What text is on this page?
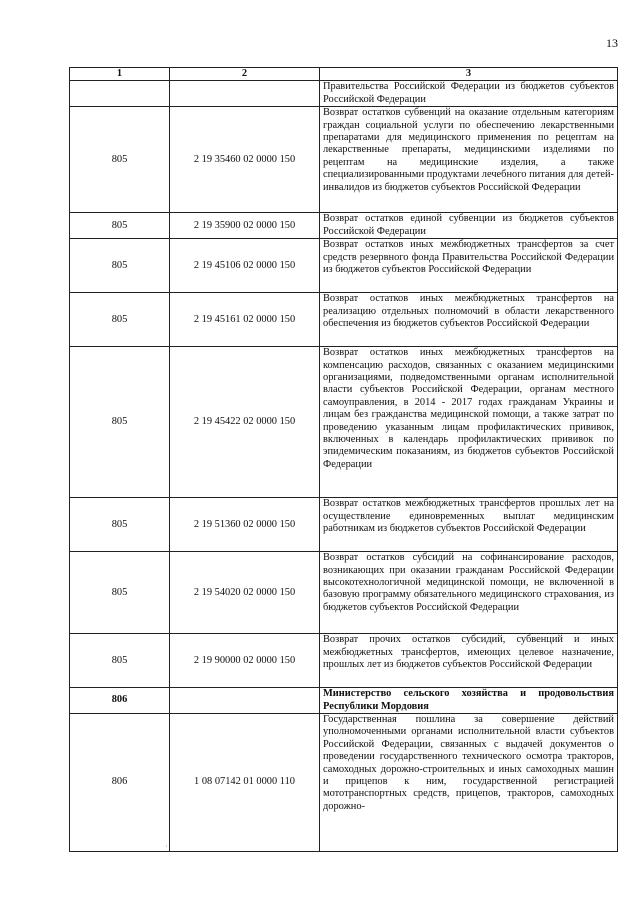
13
1	2	3
		Правительства Российской Федерации из бюджетов субъектов Российской Федерации
805	2 19 35460 02 0000 150	Возврат остатков субвенций на оказание отдельным категориям граждан социальной услуги по обеспечению лекарственными препаратами для медицинского применения по рецептам на лекарственные препараты, медицинскими изделиями по рецептам на медицинские изделия, а также специализированными продуктами лечебного питания для детей-инвалидов из бюджетов субъектов Российской Федерации
805	2 19 35900 02 0000 150	Возврат остатков единой субвенции из бюджетов субъектов Российской Федерации
805	2 19 45106 02 0000 150	Возврат остатков иных межбюджетных трансфертов за счет средств резервного фонда Правительства Российской Федерации из бюджетов субъектов Российской Федерации
805	2 19 45161 02 0000 150	Возврат остатков иных межбюджетных трансфертов на реализацию отдельных полномочий в области лекарственного обеспечения из бюджетов субъектов Российской Федерации
805	2 19 45422 02 0000 150	Возврат остатков иных межбюджетных трансфертов на компенсацию расходов, связанных с оказанием медицинскими организациями, подведомственными органам исполнительной власти субъектов Российской Федерации, органам местного самоуправления, в 2014 - 2017 годах гражданам Украины и лицам без гражданства медицинской помощи, а также затрат по проведению указанным лицам профилактических прививок, включенных в календарь профилактических прививок по эпидемическим показаниям, из бюджетов субъектов Российской Федерации
805	2 19 51360 02 0000 150	Возврат остатков межбюджетных трансфертов прошлых лет на осуществление единовременных выплат медицинским работникам из бюджетов субъектов Российской Федерации
805	2 19 54020 02 0000 150	Возврат остатков субсидий на софинансирование расходов, возникающих при оказании гражданам Российской Федерации высокотехнологичной медицинской помощи, не включенной в базовую программу обязательного медицинского страхования, из бюджетов субъектов Российской Федерации
805	2 19 90000 02 0000 150	Возврат прочих остатков субсидий, субвенций и иных межбюджетных трансфертов, имеющих целевое назначение, прошлых лет из бюджетов субъектов Российской Федерации
806		Министерство сельского хозяйства и продовольствия Республики Мордовия
806	1 08 07142 01 0000 110	Государственная пошлина за совершение действий уполномоченными органами исполнительной власти субъектов Российской Федерации, связанных с выдачей документов о проведении государственного технического осмотра тракторов, самоходных дорожно-строительных и иных самоходных машин и прицепов к ним, государственной регистрацией мототранспортных средств, прицепов, тракторов, самоходных дорожно-
·
